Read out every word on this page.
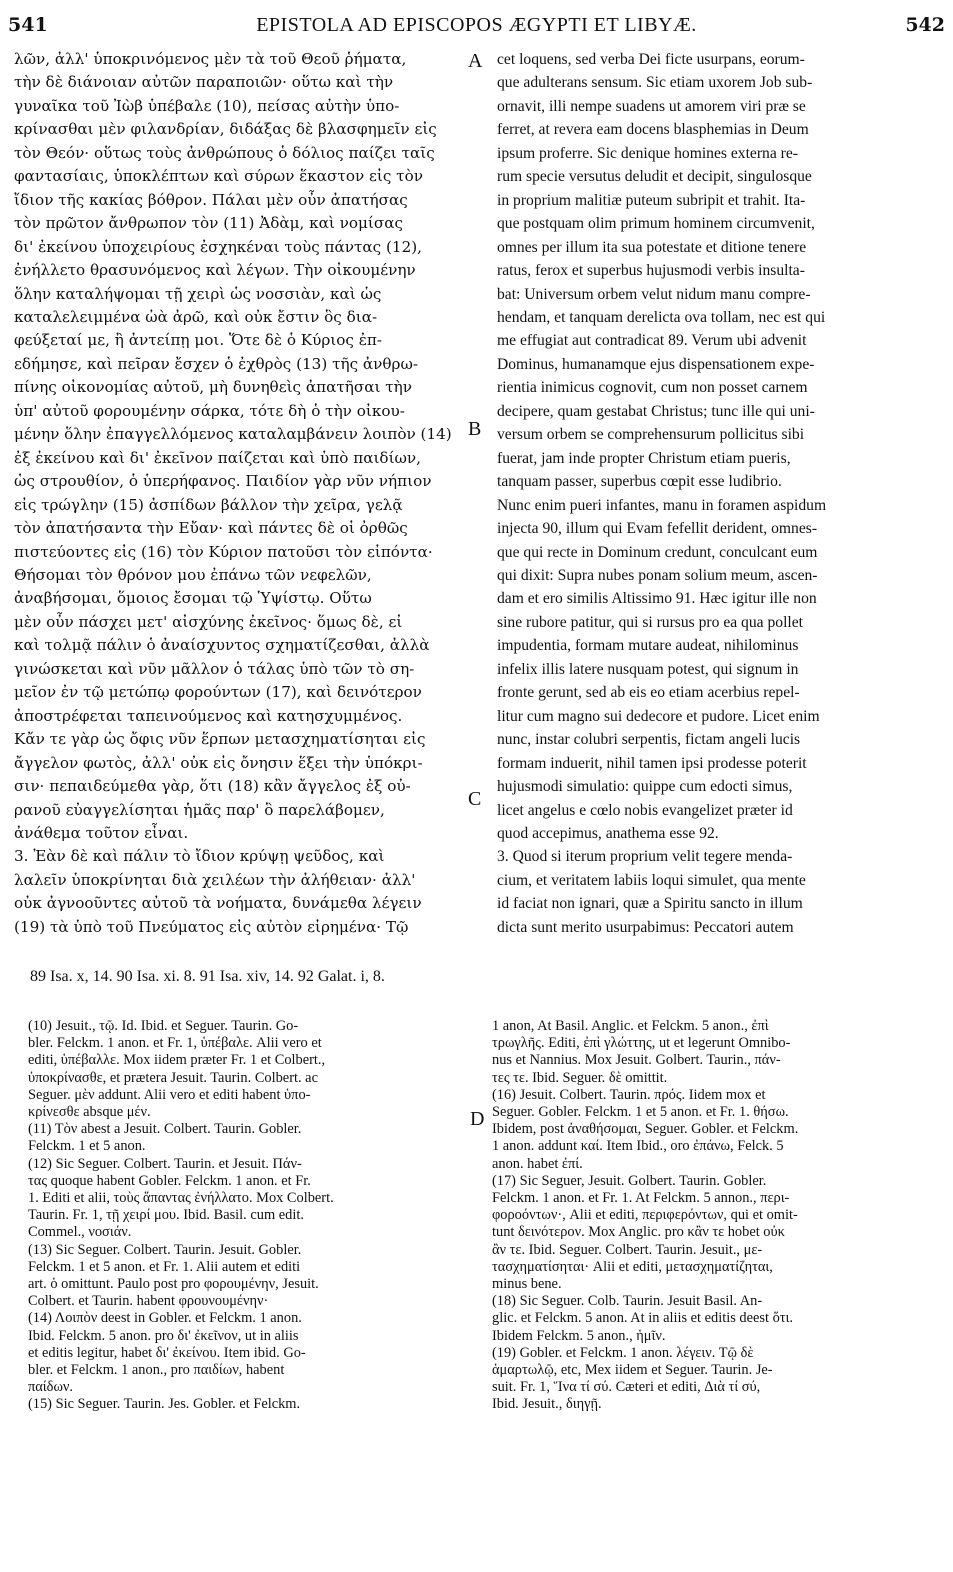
541	EPISTOLA AD EPISCOPOS ÆGYPTI ET LIBYÆ.	542
λῶν, ἀλλ' ὑποκρινόμενος μὲν τὰ τοῦ Θεοῦ ῥήματα,
τὴν δὲ διάνοιαν αὐτῶν παραποιῶν· οὕτω καὶ τὴν
γυναῖκα τοῦ Ἰὼβ ὑπέβαλε (10), πείσας αὐτὴν ὑπο-
κρίνασθαι μὲν φιλανδρίαν, διδάξας δὲ βλασφημεῖν εἰς
τὸν Θεόν· οὕτως τοὺς ἀνθρώπους ὁ δόλιος παίζει ταῖς
φαντασίαις, ὑποκλέπτων καὶ σύρων ἕκαστον εἰς τὸν
ἴδιον τῆς κακίας βόθρον. Πάλαι μὲν οὖν ἀπατήσας
τὸν πρῶτον ἄνθρωπον τὸν (11) Ἀδὰμ, καὶ νομίσας
δι' ἐκείνου ὑποχειρίους ἐσχηκέναι τοὺς πάντας (12),
ἐνήλλετο θρασυνόμενος καὶ λέγων. Τὴν οἰκουμένην
ὅλην καταλήψομαι τῇ χειρὶ ὡς νοσσιὰν, καὶ ὡς
καταλελειμμένα ὠὰ ἀρῶ, καὶ οὐκ ἔστιν ὃς δια-
φεύξεταί με, ἢ ἀντείπῃ μοι. Ὅτε δὲ ὁ Κύριος ἐπ-
εδήμησε, καὶ πεῖραν ἔσχεν ὁ ἐχθρὸς (13) τῆς ἀνθρω-
πίνης οἰκονομίας αὐτοῦ, μὴ δυνηθεὶς ἀπατῆσαι τὴν
ὑπ' αὐτοῦ φορουμένην σάρκα, τότε δὴ ὁ τὴν οἰκου-
μένην ὅλην ἐπαγγελλόμενος καταλαμβάνειν λοιπὸν (14)
ἐξ ἐκείνου καὶ δι' ἐκεῖνον παίζεται καὶ ὑπὸ παιδίων,
ὡς στρουθίον, ὁ ὑπερήφανος. Παιδίον γὰρ νῦν νήπιον
εἰς τρώγλην (15) ἀσπίδων βάλλον τὴν χεῖρα, γελᾷ
τὸν ἀπατήσαντα τὴν Εὔαν· καὶ πάντες δὲ οἱ ὀρθῶς
πιστεύοντες εἰς (16) τὸν Κύριον πατοῦσι τὸν εἰπόντα·
Θήσομαι τὸν θρόνον μου ἐπάνω τῶν νεφελῶν,
ἀναβήσομαι, ὅμοιος ἔσομαι τῷ Ὑψίστῳ. Οὕτω
μὲν οὖν πάσχει μετ' αἰσχύνης ἐκεῖνος· ὅμως δὲ, εἰ
καὶ τολμᾷ πάλιν ὁ ἀναίσχυντος σχηματίζεσθαι, ἀλλὰ
γινώσκεται καὶ νῦν μᾶλλον ὁ τάλας ὑπὸ τῶν τὸ ση-
μεῖον ἐν τῷ μετώπῳ φορούντων (17), καὶ δεινότερον
ἀποστρέφεται ταπεινούμενος καὶ κατησχυμμένος.
Κἄν τε γὰρ ὡς ὄφις νῦν ἕρπων μετασχηματίσηται εἰς
ἄγγελον φωτὸς, ἀλλ' οὐκ εἰς ὄνησιν ἕξει τὴν ὑπόκρι-
σιν· πεπαιδεύμεθα γὰρ, ὅτι (18) κἂν ἄγγελος ἐξ οὐ-
ρανοῦ εὐαγγελίσηται ἡμᾶς παρ' ὃ παρελάβομεν,
ἀνάθεμα τοῦτον εἶναι.
3. Ἐὰν δὲ καὶ πάλιν τὸ ἴδιον κρύψῃ ψεῦδος, καὶ
λαλεῖν ὑποκρίνηται διὰ χειλέων τὴν ἀλήθειαν· ἀλλ'
οὐκ ἀγνοοῦντες αὐτοῦ τὰ νοήματα, δυνάμεθα λέγειν
(19) τὰ ὑπὸ τοῦ Πνεύματος εἰς αὐτὸν εἰρημένα· Τῷ
cet loquens, sed verba Dei ficte usurpans, eorum-
que adulterans sensum. Sic etiam uxorem Job sub-
ornavit, illi nempe suadens ut amorem viri præ se
ferret, at revera eam docens blasphemias in Deum
ipsum proferre. Sic denique homines externa re-
rum specie versutus deludit et decipit, singulosque
in proprium malitiæ puteum subripit et trahit. Ita-
que postquam olim primum hominem circumvenit,
omnes per illum ita sua potestate et ditione tenere
ratus, ferox et superbus hujusmodi verbis insulta-
bat: Universum orbem velut nidum manu compre-
hendam, et tanquam derelicta ova tollam, nec est qui
me effugiat aut contradicat 89. Verum ubi advenit
Dominus, humanamque ejus dispensationem expe-
rientia inimicus cognovit, cum non posset carnem
decipere, quam gestabat Christus; tunc ille qui uni-
versum orbem se comprehensurum pollicitus sibi
fuerat, jam inde propter Christum etiam pueris,
tanquam passer, superbus cœpit esse ludibrio.
Nunc enim pueri infantes, manu in foramen aspidum
injecta 90, illum qui Evam fefellit derident, omnes-
que qui recte in Dominum credunt, conculcant eum
qui dixit: Supra nubes ponam solium meum, ascen-
dam et ero similis Altissimo 91. Hæc igitur ille non
sine rubore patitur, qui si rursus pro ea qua pollet
impudentia, formam mutare audeat, nihilominus
infelix illis latere nusquam potest, qui signum in
fronte gerunt, sed ab eis eo etiam acerbius repel-
litur cum magno sui dedecore et pudore. Licet enim
nunc, instar colubri serpentis, fictam angeli lucis
formam induerit, nihil tamen ipsi prodesse poterit
hujusmodi simulatio: quippe cum edocti simus,
licet angelus e cœlo nobis evangelizet præter id
quod accepimus, anathema esse 92.
3. Quod si iterum proprium velit tegere menda-
cium, et veritatem labiis loqui simulet, qua mente
id faciat non ignari, quæ a Spiritu sancto in illum
dicta sunt merito usurpabimus: Peccatori autem
A
B
C
D
89 Isa. x, 14. 90 Isa. xi. 8. 91 Isa. xiv, 14. 92 Galat. i, 8.
(10) Jesuit., τῷ. Id. Ibid. et Seguer. Taurin. Go-
bler. Felckm. 1 anon. et Fr. 1, ὑπέβαλε. Alii vero et
editi, ὑπέβαλλε. Mox iidem præter Fr. 1 et Colbert.,
ὑποκρίνασθε, et prætera Jesuit. Taurin. Colbert. ac
Seguer. μὲν addunt. Alii vero et editi habent ὑπο-
κρίνεσθε absque μέν.
(11) Τὸν abest a Jesuit. Colbert. Taurin. Gobler.
Felckm. 1 et 5 anon.
(12) Sic Seguer. Colbert. Taurin. et Jesuit. Πάν-
τας quoque habent Gobler. Felckm. 1 anon. et Fr.
1. Editi et alii, τοὺς ἅπαντας ἐνήλλατο. Mox Colbert.
Taurin. Fr. 1, τῇ χειρί μου. Ibid. Basil. cum edit.
Commel., νοσιάν.
(13) Sic Seguer. Colbert. Taurin. Jesuit. Gobler.
Felckm. 1 et 5 anon. et Fr. 1. Alii autem et editi
art. ὁ omittunt. Paulo post pro φορουμένην, Jesuit.
Colbert. et Taurin. habent φρουνουμένην·
(14) Λοιπὸν deest in Gobler. et Felckm. 1 anon.
Ibid. Felckm. 5 anon. pro δι' ἐκεῖνον, ut in aliis
et editis legitur, habet δι' ἐκείνου. Item ibid. Go-
bler. et Felckm. 1 anon., pro παιδίων, habent
παίδων.
(15) Sic Seguer. Taurin. Jes. Gobler. et Felckm.
1 anon, At Basil. Anglic. et Felckm. 5 anon., ἐπὶ
τρωγλῆς. Editi, ἐπὶ γλώττης, ut et legerunt Omnibo-
nus et Nannius. Mox Jesuit. Golbert. Taurin., πάν-
τες τε. Ibid. Seguer. δὲ omittit.
(16) Jesuit. Colbert. Taurin. πρός. Iidem mox et
Seguer. Gobler. Felckm. 1 et 5 anon. et Fr. 1. θήσω.
Ibidem, post ἀναθήσομαι, Seguer. Gobler. et Felckm.
1 anon. addunt καί. Item Ibid., oro ἐπάνω, Felck. 5
anon. habet ἐπί.
(17) Sic Seguer, Jesuit. Golbert. Taurin. Gobler.
Felckm. 1 anon. et Fr. 1. At Felckm. 5 annon., περι-
φοροόντων·, Alii et editi, περιφερόντων, qui et omit-
tunt δεινότερον. Mox Anglic. pro κἂν τε hobet οὐκ
ἂν τε. Ibid. Seguer. Colbert. Taurin. Jesuit., με-
τασχηματίσηται· Alii et editi, μετασχηματίζηται,
minus bene.
(18) Sic Seguer. Colb. Taurin. Jesuit Basil. An-
glic. et Felckm. 5 anon. At in aliis et editis deest ὅτι.
Ibidem Felckm. 5 anon., ἡμῖν.
(19) Gobler. et Felckm. 1 anon. λέγειν. Τῷ δὲ
ἁμαρτωλῷ, etc, Mex iidem et Seguer. Taurin. Je-
suit. Fr. 1, Ἵνα τί σύ. Cæteri et editi, Διὰ τί σύ,
Ibid. Jesuit., διηγῇ.
